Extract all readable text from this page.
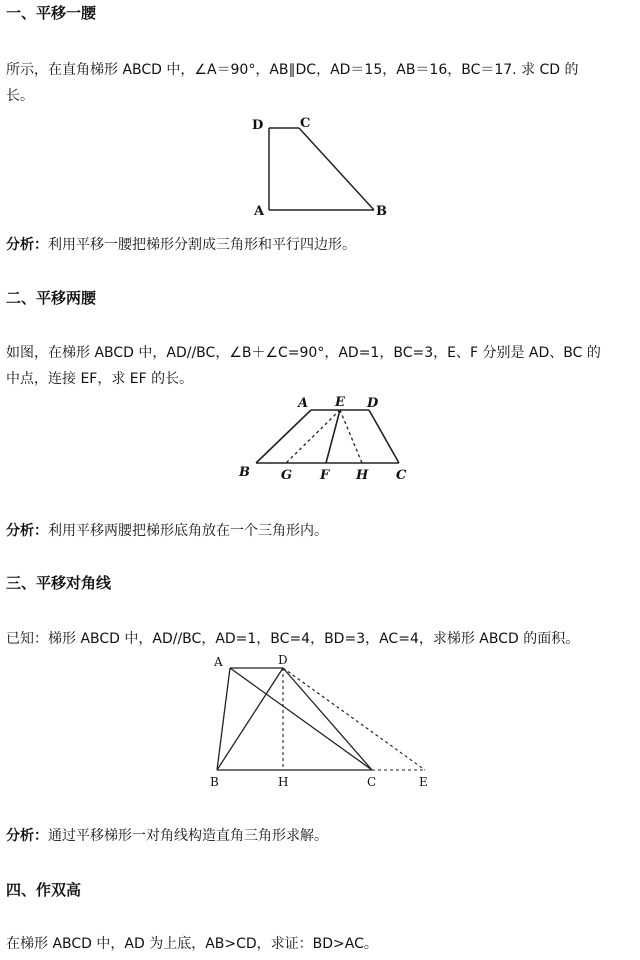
一、平移一腰

所示，在直角梯形 ABCD 中，∠A＝90°，AB∥DC，AD＝15，AB＝16，BC＝17. 求 CD 的
长。

D	C
A	B

分析：利用平移一腰把梯形分割成三角形和平行四边形。

二、平移两腰

如图，在梯形 ABCD 中，AD//BC，∠B＋∠C=90°，AD=1，BC=3，E、F 分别是 AD、BC 的
中点，连接 EF，求 EF 的长。

A E D
B G F H C

分析：利用平移两腰把梯形底角放在一个三角形内。

三、平移对角线

已知：梯形 ABCD 中，AD//BC，AD=1，BC=4，BD=3，AC=4，求梯形 ABCD 的面积。

A	D
B	H	C	E

分析：通过平移梯形一对角线构造直角三角形求解。

四、作双高

在梯形 ABCD 中，AD 为上底，AB>CD，求证：BD>AC。
